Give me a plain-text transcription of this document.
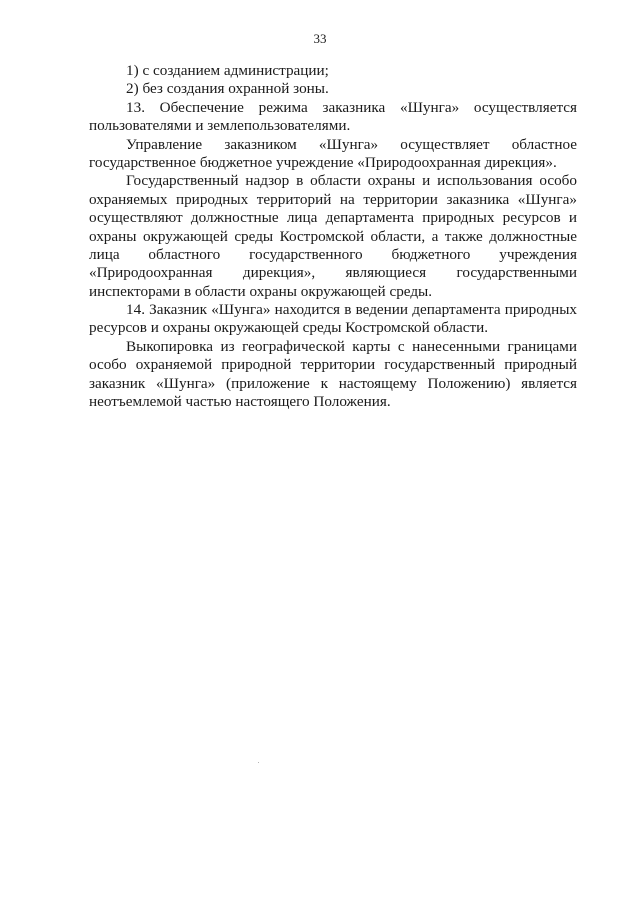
33
1) с созданием администрации;
2) без создания охранной зоны.
13. Обеспечение режима заказника «Шунга» осуществляется
пользователями и землепользователями.
Управление заказником «Шунга» осуществляет областное
государственное бюджетное учреждение «Природоохранная дирекция».
Государственный надзор в области охраны и использования особо
охраняемых природных территорий на территории заказника «Шунга»
осуществляют должностные лица департамента природных ресурсов и
охраны окружающей среды Костромской области, а также должностные
лица областного государственного бюджетного учреждения
«Природоохранная дирекция», являющиеся государственными
инспекторами в области охраны окружающей среды.
14. Заказник «Шунга» находится в ведении департамента природных
ресурсов и охраны окружающей среды Костромской области.
Выкопировка из географической карты с нанесенными границами
особо охраняемой природной территории государственный природный
заказник «Шунга» (приложение к настоящему Положению) является
неотъемлемой частью настоящего Положения.
